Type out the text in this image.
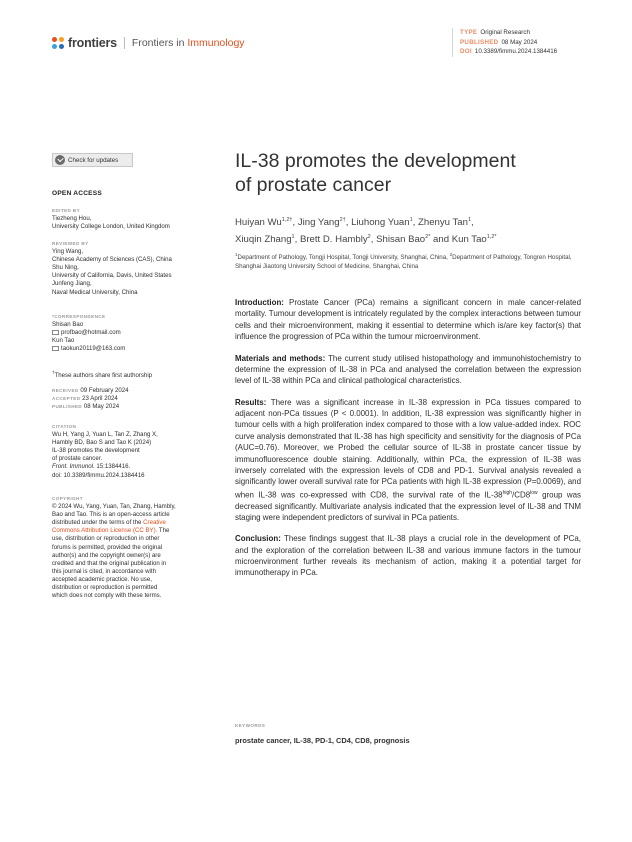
frontiers Frontiers in Immunology
TYPE Original Research
PUBLISHED 08 May 2024
DOI 10.3389/fimmu.2024.1384416
Check for updates
OPEN ACCESS
EDITED BY
Tiezheng Hou,
University College London, United Kingdom
REVIEWED BY
Ying Wang,
Chinese Academy of Sciences (CAS), China
Shu Ning,
University of California, Davis, United States
Junfeng Jiang,
Naval Medical University, China
*CORRESPONDENCE
Shisan Bao
profbao@hotmail.com
Kun Tao
taokun20119@163.com
†These authors share first authorship
RECEIVED 09 February 2024
ACCEPTED 23 April 2024
PUBLISHED 08 May 2024
CITATION
Wu H, Yang J, Yuan L, Tan Z, Zhang X,
Hambly BD, Bao S and Tao K (2024)
IL-38 promotes the development
of prostate cancer.
Front. Immunol. 15:1384416.
doi: 10.3389/fimmu.2024.1384416
COPYRIGHT
© 2024 Wu, Yang, Yuan, Tan, Zhang, Hambly,
Bao and Tao. This is an open-access article
distributed under the terms of the Creative
Commons Attribution License (CC BY). The
use, distribution or reproduction in other
forums is permitted, provided the original
author(s) and the copyright owner(s) are
credited and that the original publication in
this journal is cited, in accordance with
accepted academic practice. No use,
distribution or reproduction is permitted
which does not comply with these terms.
IL-38 promotes the development
of prostate cancer
Huiyan $Wu^{1,2\dagger}$, Jing Yang$^{2\dagger}$, Liuhong Yuan$^1$, Zhenyu Tan$^1$,
Xiuqin Zhang$^1$, Brett D. Hambly$^2$, Shisan Bao$^{2*}$ and Kun Tao$^{1,2*}$
$^1$Department of Pathology, Tongji Hospital, Tongji University, Shanghai, China, $^2$Department of Pathology, Tongren Hospital, Shanghai Jiaotong University School of Medicine, Shanghai, China

Introduction: Prostate Cancer (PCa) remains a significant concern in male cancer-related mortality. Tumour development is intricately regulated by the complex interactions between tumour cells and their microenvironment, making it essential to determine which is/are key factor(s) that influence the progression of PCa within the tumour microenvironment.

Materials and methods: The current study utilised histopathology and immunohistochemistry to determine the expression of IL-38 in PCa and analysed the correlation between the expression level of IL-38 within PCa and clinical pathological characteristics.

Results: There was a significant increase in IL-38 expression in PCa tissues compared to adjacent non-PCa tissues (P < 0.0001). In addition, IL-38 expression was significantly higher in tumour cells with a high proliferation index compared to those with a low value-added index. ROC curve analysis demonstrated that IL-38 has high specificity and sensitivity for the diagnosis of PCa (AUC=0.76). Moreover, we Probed the cellular source of IL-38 in prostate cancer tissue by immunofluorescence double staining. Additionally, within PCa, the expression of IL-38 was inversely correlated with the expression levels of CD8 and PD-1. Survival analysis revealed a significantly lower overall survival rate for PCa patients with high IL-38 expression (P=0.0069), and when IL-38 was co-expressed with CD8, the survival rate of the $IL-38^{high}/CD8^{low}$ group was decreased significantly. Multivariate analysis indicated that the expression level of IL-38 and TNM staging were independent predictors of survival in PCa patients.

Conclusion: These findings suggest that IL-38 plays a crucial role in the development of PCa, and the exploration of the correlation between IL-38 and various immune factors in the tumour microenvironment further reveals its mechanism of action, making it a potential target for immunotherapy in PCa.

KEYWORDS
prostate cancer, IL-38, PD-1, CD4, CD8, prognosis
